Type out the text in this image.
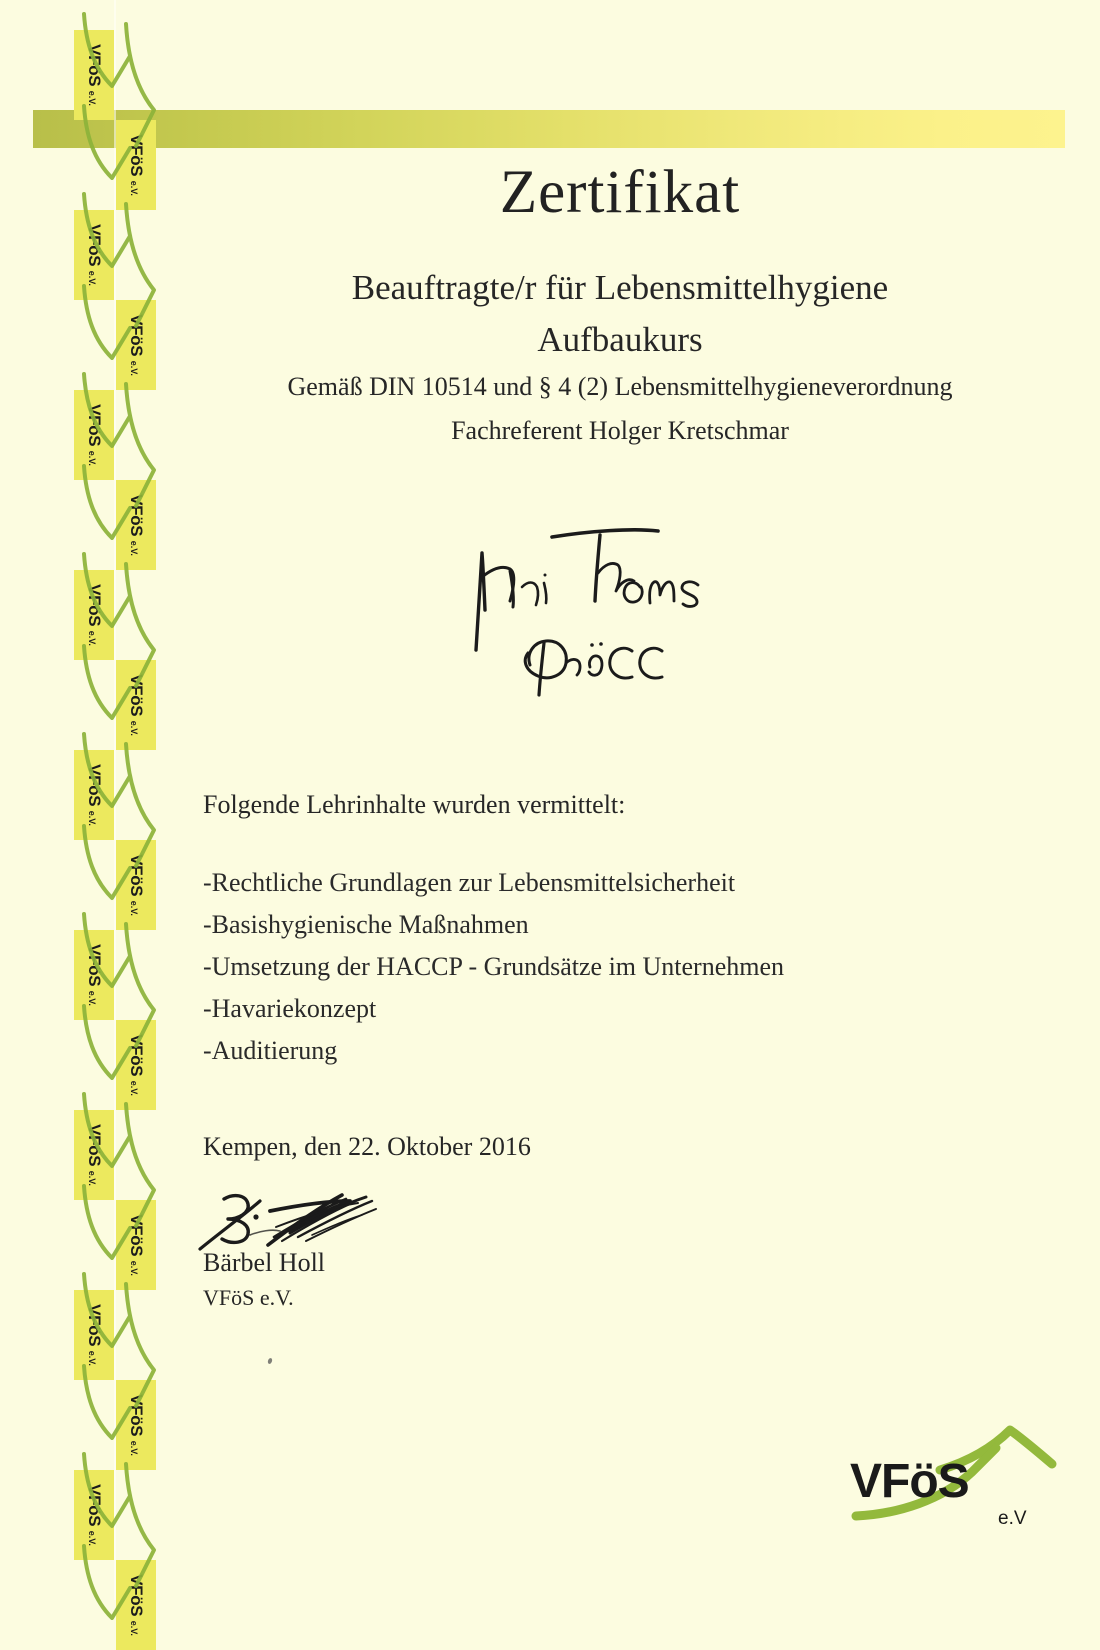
VFöS e.V.
VFöS e.V.
VFöS e.V.
VFöS e.V.
VFöS e.V.
VFöS e.V.
VFöS e.V.
VFöS e.V.
VFöS e.V.
VFöS e.V.
VFöS e.V.
VFöS e.V.
VFöS e.V.
VFöS e.V.
VFöS e.V.
VFöS e.V.
VFöS e.V.
VFöS e.V.
Zertifikat
Beauftragte/r für Lebensmittelhygiene
Aufbaukurs
Gemäß DIN 10514 und § 4 (2) Lebensmittelhygieneverordnung
Fachreferent Holger Kretschmar
Folgende Lehrinhalte wurden vermittelt:
-Rechtliche Grundlagen zur Lebensmittelsicherheit
-Basishygienische Maßnahmen
-Umsetzung der HACCP - Grundsätze im Unternehmen
-Havariekonzept
-Auditierung
Kempen, den 22. Oktober 2016
Bärbel Holl
VFöS e.V.
VFöS
e.V
